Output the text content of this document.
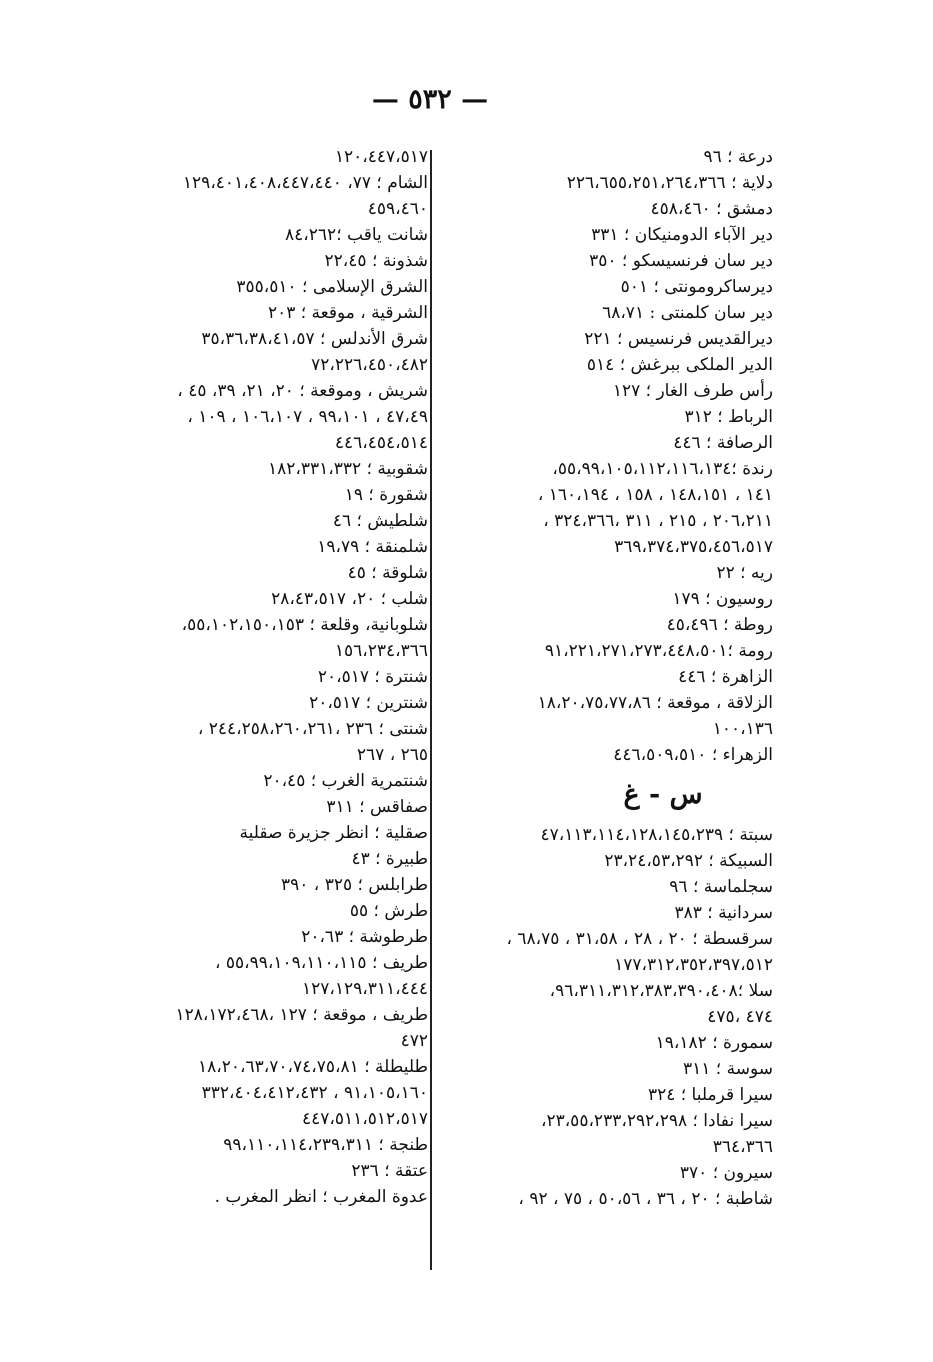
— ٥٣٢ —
درعة ؛ ٩٦
دلاية ؛ ٢٢٦،٦٥٥،٢٥١،٢٦٤،٣٦٦
دمشق ؛ ٤٥٨،٤٦٠
دير الآباء الدومنيكان ؛ ٣٣١
دير سان فرنسيسكو ؛ ٣٥٠
ديرساكرومونتى ؛ ٥٠١
دير سان كلمنتى : ٦٨،٧١
ديرالقديس فرنسيس ؛ ٢٢١
الدير الملكى ببرغش ؛ ٥١٤
رأس طرف الغار ؛ ١٢٧
الرباط ؛ ٣١٢
الرصافة ؛ ٤٤٦
رندة ؛٥٥،٩٩،١٠٥،١١٢،١١٦،١٣٤،
١٤١ ، ١٤٨،١٥١ ، ١٥٨ ، ١٦٠،١٩٤ ،
٢٠٦،٢١١ ، ٢١٥ ، ٣١١ ،٣٢٤،٣٦٦ ،
٣٦٩،٣٧٤،٣٧٥،٤٥٦،٥١٧
ريه ؛ ٢٢
روسيون ؛ ١٧٩
روطة ؛ ٤٥،٤٩٦
رومة ؛٩١،٢٢١،٢٧١،٢٧٣،٤٤٨،٥٠١
الزاهرة ؛ ٤٤٦
الزلاقة ، موقعة ؛ ١٨،٢٠،٧٥،٧٧،٨٦
١٠٠،١٣٦
الزهراء ؛ ٤٤٦،٥٠٩،٥١٠
س - غ
سبتة ؛ ٤٧،١١٣،١١٤،١٢٨،١٤٥،٢٣٩
السبيكة ؛ ٢٣،٢٤،٥٣،٢٩٢
سجلماسة ؛ ٩٦
سردانية ؛ ٣٨٣
سرقسطة ؛ ٢٠ ، ٢٨ ، ٣١،٥٨ ، ٦٨،٧٥ ،
١٧٧،٣١٢،٣٥٢،٣٩٧،٥١٢
سلا ؛٩٦،٣١١،٣١٢،٣٨٣،٣٩٠،٤٠٨،
٤٧٤ ،٤٧٥
سمورة ؛ ١٩،١٨٢
سوسة ؛ ٣١١
سيرا قرملبا ؛ ٣٢٤
سيرا نفادا ؛ ٢٣،٥٥،٢٣٣،٢٩٢،٢٩٨،
٣٦٤،٣٦٦
سيرون ؛ ٣٧٠
شاطبة ؛ ٢٠ ، ٣٦ ، ٥٠،٥٦ ، ٧٥ ، ٩٢ ،
١٢٠،٤٤٧،٥١٧
الشام ؛ ٧٧، ١٢٩،٤٠١،٤٠٨،٤٤٧،٤٤٠
٤٥٩،٤٦٠
شانت ياقب ؛٨٤،٢٦٢
شذونة ؛ ٢٢،٤٥
الشرق الإسلامى ؛ ٣٥٥،٥١٠
الشرقية ، موقعة ؛ ٢٠٣
شرق الأندلس ؛ ٣٥،٣٦،٣٨،٤١،٥٧
٧٢،٢٢٦،٤٥٠،٤٨٢
شريش ، وموقعة ؛ ٢٠، ٢١، ٣٩، ٤٥ ،
٤٧،٤٩ ، ٩٩،١٠١ ، ١٠٦،١٠٧ ، ١٠٩ ،
٤٤٦،٤٥٤،٥١٤
شقوبية ؛ ١٨٢،٣٣١،٣٣٢
شقورة ؛ ١٩
شلطيش ؛ ٤٦
شلمنقة ؛ ١٩،٧٩
شلوقة ؛ ٤٥
شلب ؛ ٢٠، ٢٨،٤٣،٥١٧
شلوبانية، وقلعة ؛ ٥٥،١٠٢،١٥٠،١٥٣،
١٥٦،٢٣٤،٣٦٦
شنترة ؛ ٢٠،٥١٧
شنترين ؛ ٢٠،٥١٧
شنتى ؛ ٢٣٦ ،٢٤٤،٢٥٨،٢٦٠،٢٦١ ،
٢٦٥ ، ٢٦٧
شنتمرية الغرب ؛ ٢٠،٤٥
صفاقس ؛ ٣١١
صقلية ؛ انظر جزيرة صقلية
طبيرة ؛ ٤٣
طرابلس ؛ ٣٢٥ ، ٣٩٠
طرش ؛ ٥٥
طرطوشة ؛ ٢٠،٦٣
طريف ؛ ٥٥،٩٩،١٠٩،١١٠،١١٥ ،
١٢٧،١٢٩،٣١١،٤٤٤
طريف ، موقعة ؛ ١٢٧ ،١٢٨،١٧٢،٤٦٨
٤٧٢
طليطلة ؛ ١٨،٢٠،٦٣،٧٠،٧٤،٧٥،٨١
٩١،١٠٥،١٦٠ ، ٣٣٢،٤٠٤،٤١٢،٤٣٢
٤٤٧،٥١١،٥١٢،٥١٧
طنجة ؛ ٩٩،١١٠،١١٤،٢٣٩،٣١١
عتقة ؛ ٢٣٦
عدوة المغرب ؛ انظر المغرب .
